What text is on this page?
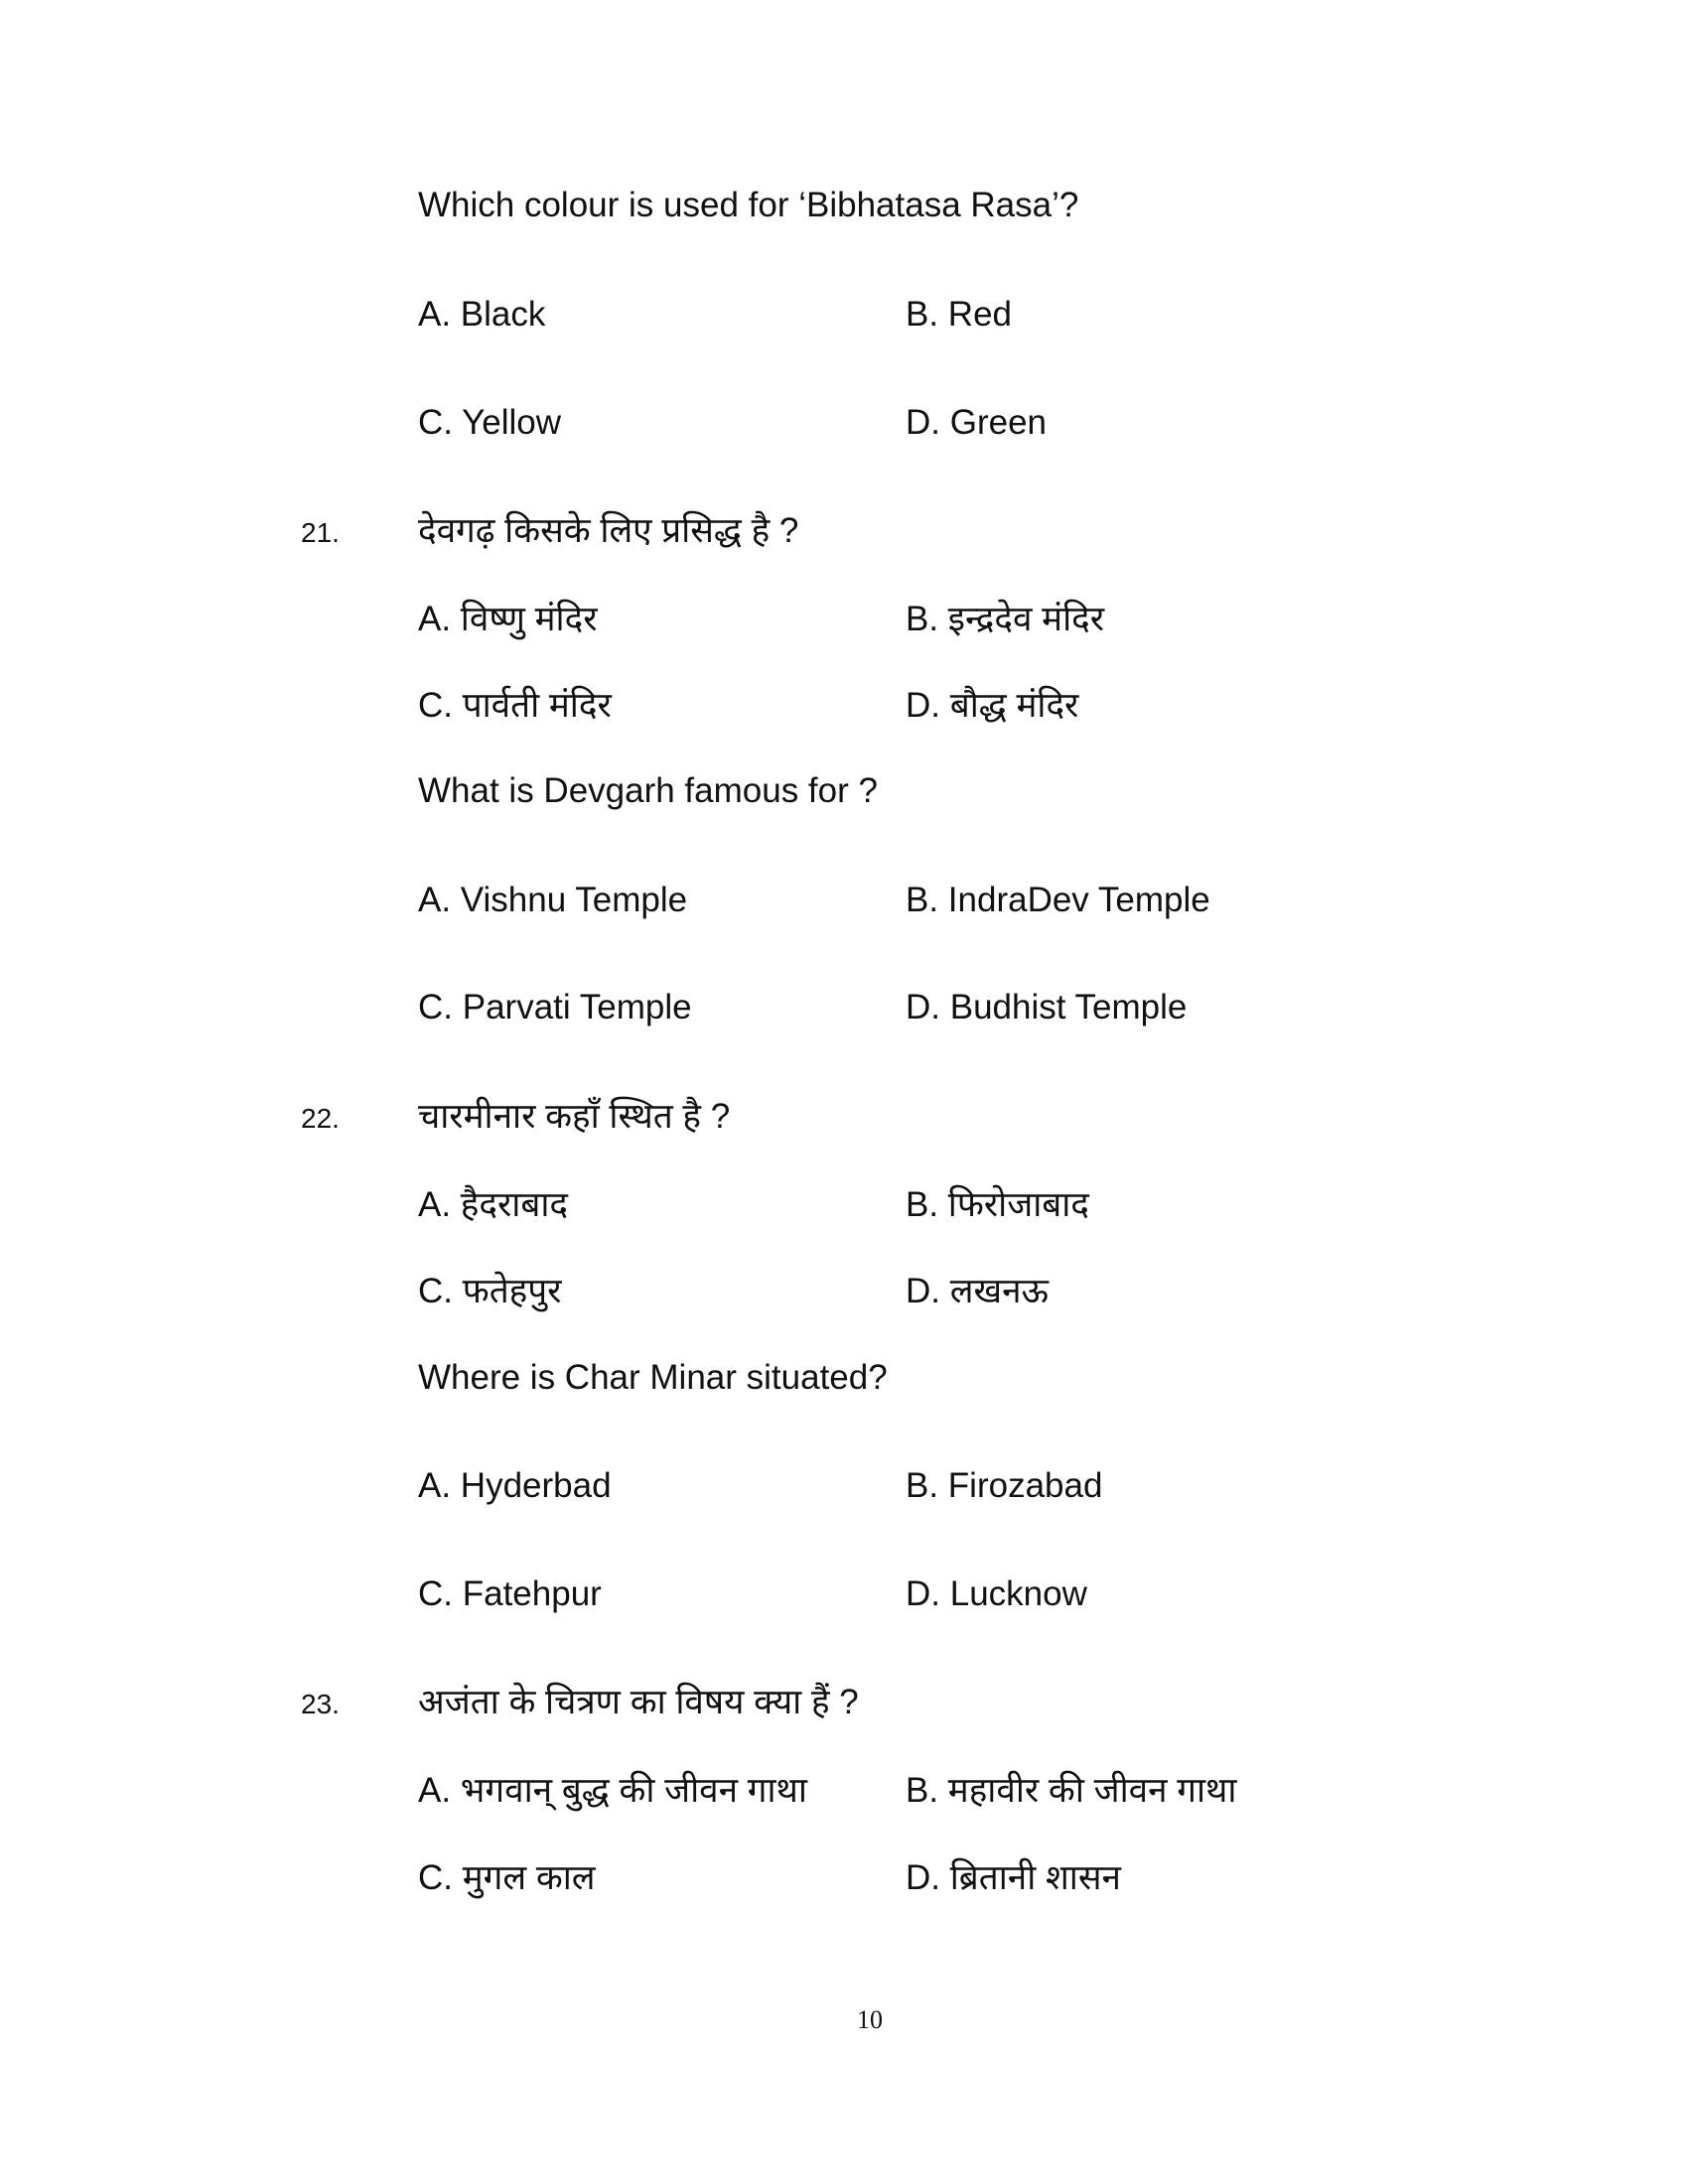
Which colour is used for ‘Bibhatasa Rasa’?
A. Black	B. Red
C. Yellow	D. Green
21. देवगढ़ किसके लिए प्रसिद्ध है ?
A. विष्णु मंदिर	B. इन्द्रदेव मंदिर
C. पार्वती मंदिर	D. बौद्ध मंदिर
What is Devgarh famous for ?
A. Vishnu Temple	B. IndraDev Temple
C. Parvati Temple	D. Budhist Temple
22. चारमीनार कहाँ स्थित है ?
A. हैदराबाद	B. फिरोजाबाद
C. फतेहपुर	D. लखनऊ
Where is Char Minar situated?
A. Hyderbad	B. Firozabad
C. Fatehpur	D. Lucknow
23. अजंता के चित्रण का विषय क्या हैं ?
A. भगवान् बुद्ध की जीवन गाथा	B. महावीर की जीवन गाथा
C. मुगल काल	D. ब्रितानी शासन
10
